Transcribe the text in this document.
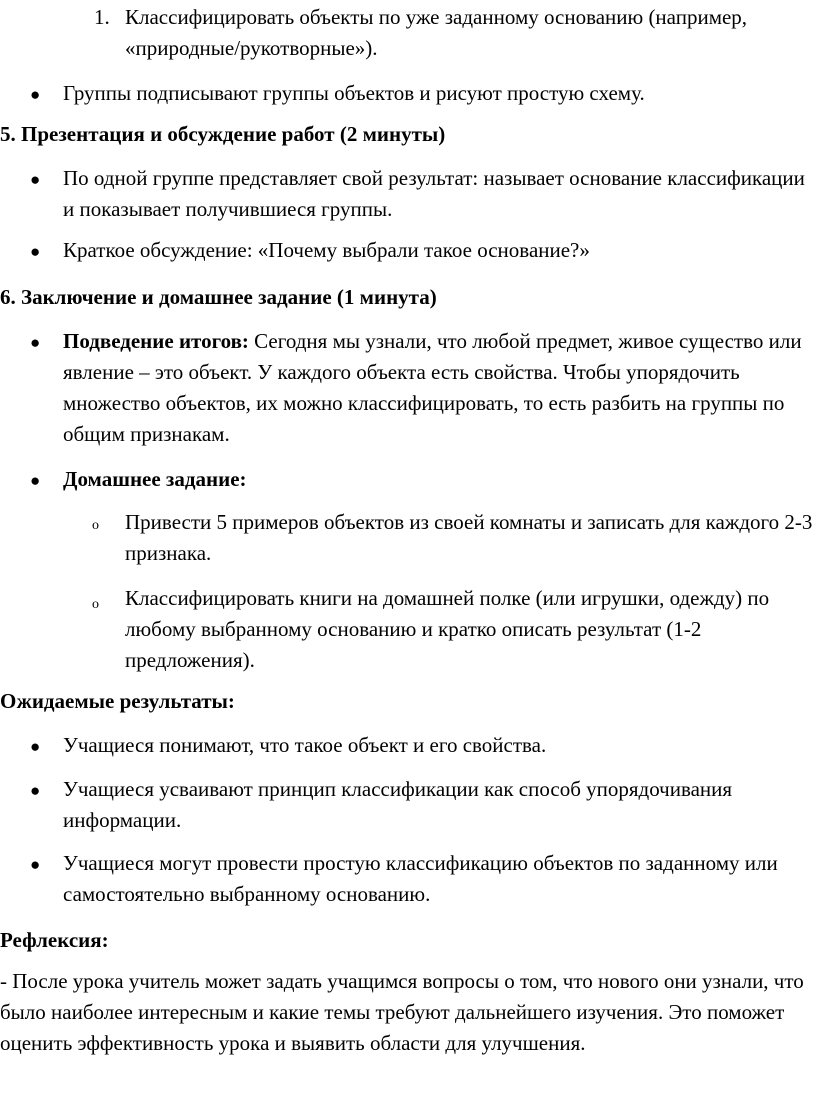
1. Классифицировать объекты по уже заданному основанию (например, «природные/рукотворные»).
● Группы подписывают группы объектов и рисуют простую схему.
5. Презентация и обсуждение работ (2 минуты)
● По одной группе представляет свой результат: называет основание классификации и показывает получившиеся группы.
● Краткое обсуждение: «Почему выбрали такое основание?»
6. Заключение и домашнее задание (1 минута)
● Подведение итогов: Сегодня мы узнали, что любой предмет, живое существо или явление – это объект. У каждого объекта есть свойства. Чтобы упорядочить множество объектов, их можно классифицировать, то есть разбить на группы по общим признакам.
● Домашнее задание:
o Привести 5 примеров объектов из своей комнаты и записать для каждого 2-3 признака.
o Классифицировать книги на домашней полке (или игрушки, одежду) по любому выбранному основанию и кратко описать результат (1-2 предложения).
Ожидаемые результаты:
● Учащиеся понимают, что такое объект и его свойства.
● Учащиеся усваивают принцип классификации как способ упорядочивания информации.
● Учащиеся могут провести простую классификацию объектов по заданному или самостоятельно выбранному основанию.
Рефлексия:
- После урока учитель может задать учащимся вопросы о том, что нового они узнали, что было наиболее интересным и какие темы требуют дальнейшего изучения. Это поможет оценить эффективность урока и выявить области для улучшения.
